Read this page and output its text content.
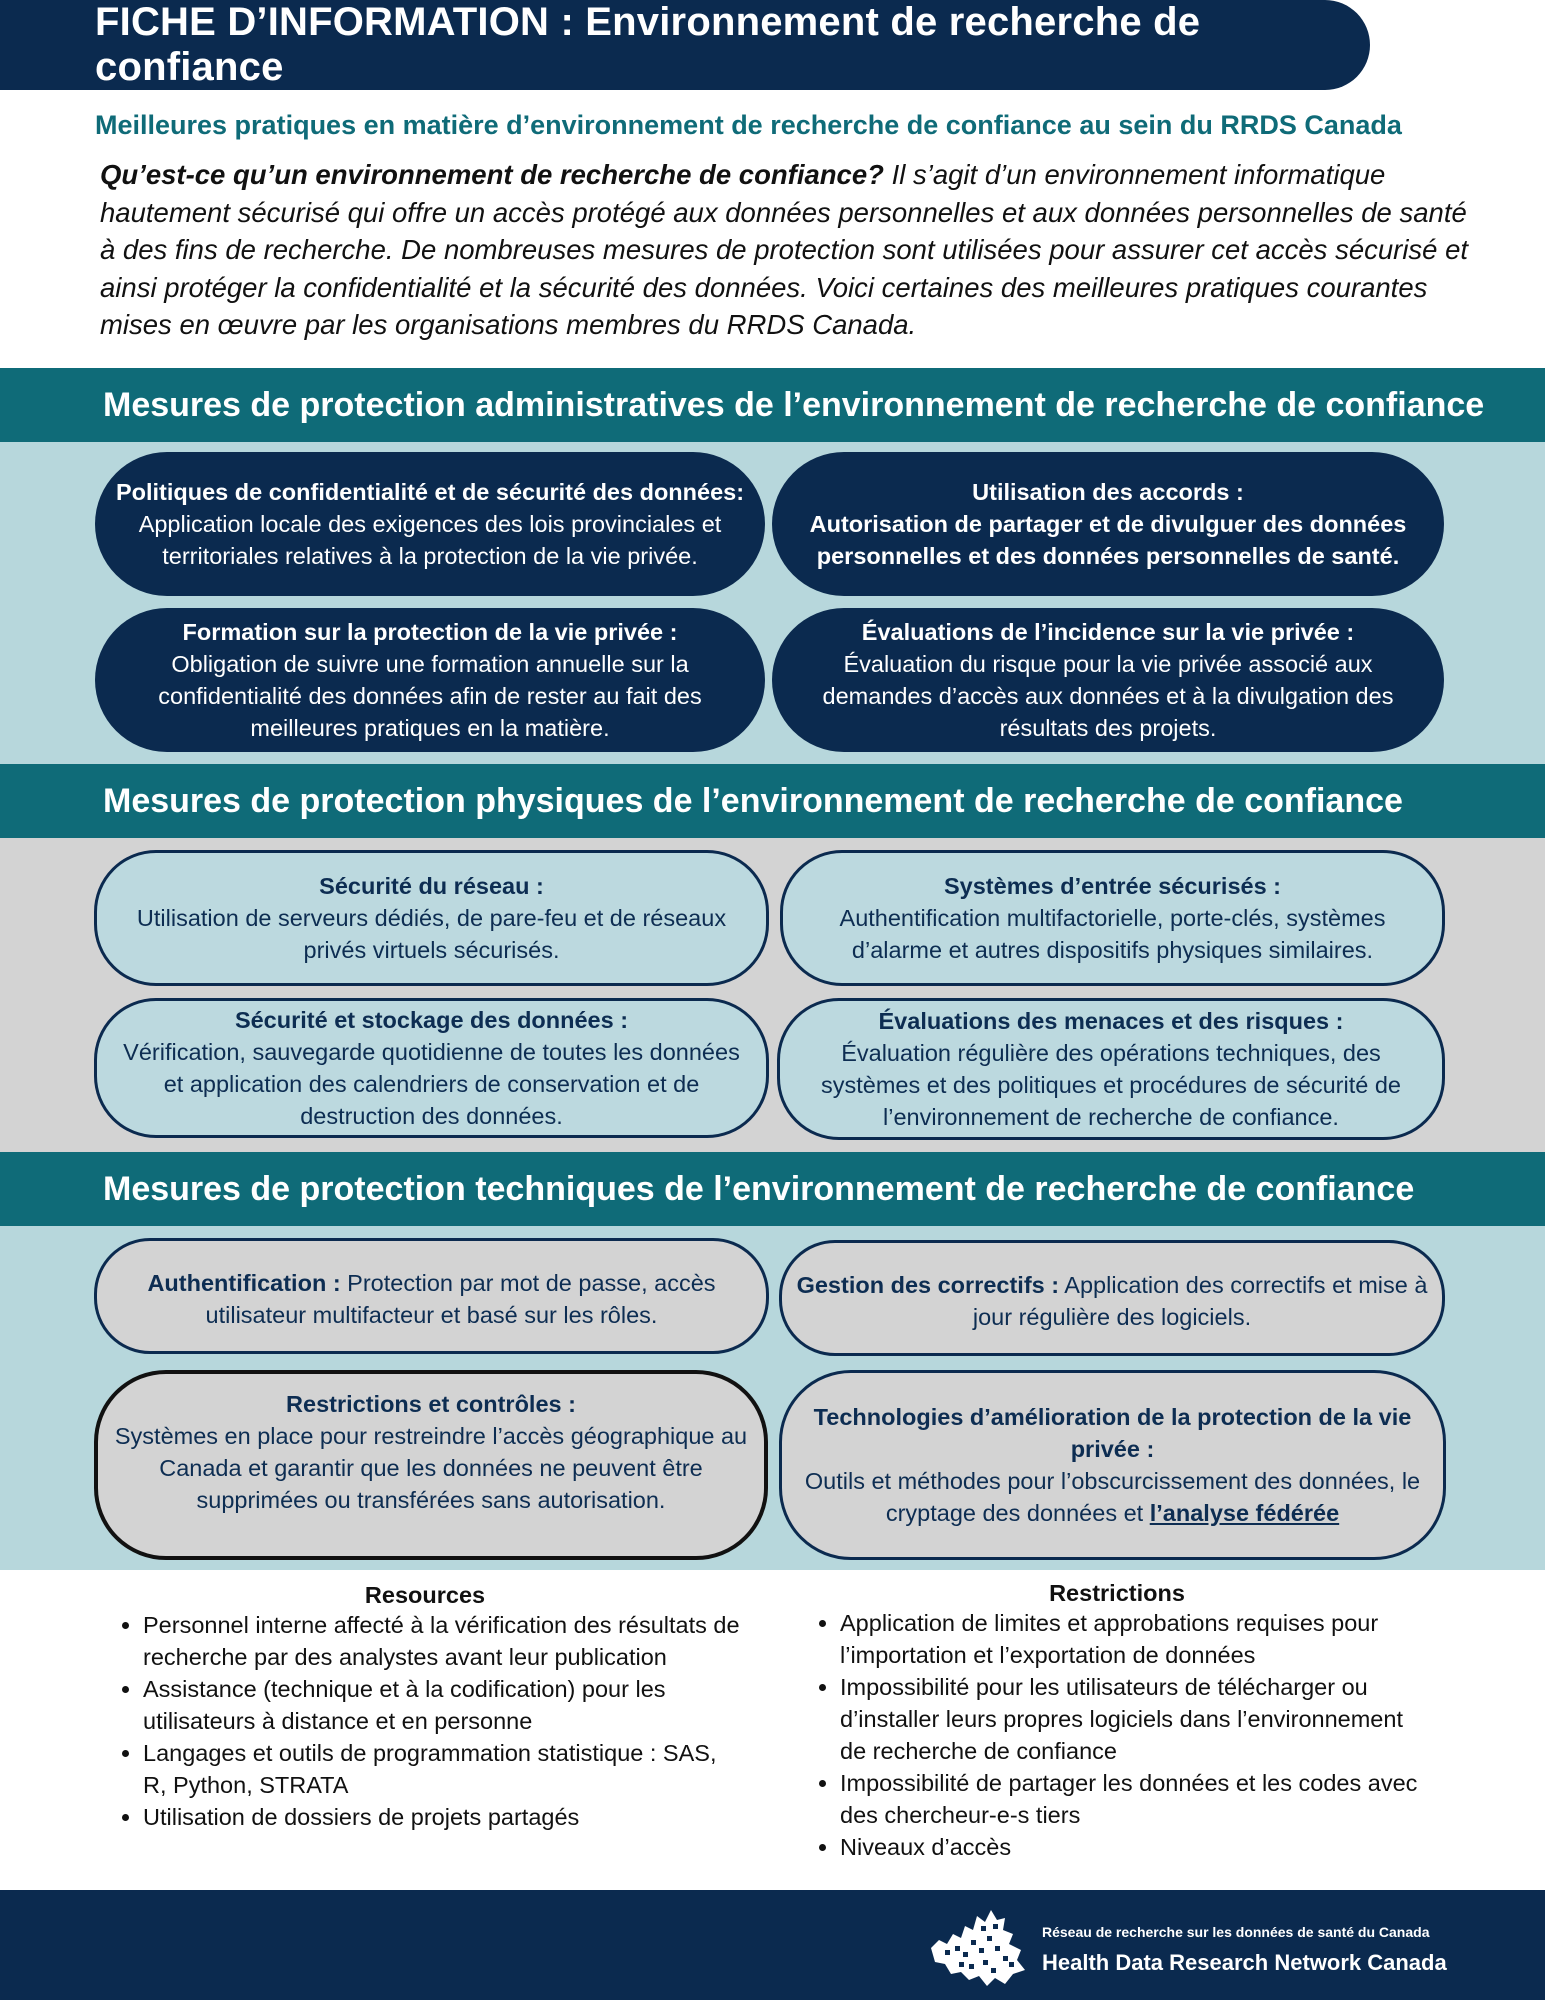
FICHE D’INFORMATION : Environnement de recherche de confiance
Meilleures pratiques en matière d’environnement de recherche de confiance au sein du RRDS Canada
Qu’est-ce qu’un environnement de recherche de confiance? Il s’agit d’un environnement informatique hautement sécurisé qui offre un accès protégé aux données personnelles et aux données personnelles de santé à des fins de recherche. De nombreuses mesures de protection sont utilisées pour assurer cet accès sécurisé et ainsi protéger la confidentialité et la sécurité des données. Voici certaines des meilleures pratiques courantes mises en œuvre par les organisations membres du RRDS Canada.
Mesures de protection administratives de l’environnement de recherche de confiance
Politiques de confidentialité et de sécurité des données:
Application locale des exigences des lois provinciales et territoriales relatives à la protection de la vie privée.
Utilisation des accords :
Autorisation de partager et de divulguer des données personnelles et des données personnelles de santé.
Formation sur la protection de la vie privée :
Obligation de suivre une formation annuelle sur la confidentialité des données afin de rester au fait des meilleures pratiques en la matière.
Évaluations de l’incidence sur la vie privée :
Évaluation du risque pour la vie privée associé aux demandes d’accès aux données et à la divulgation des résultats des projets.
Mesures de protection physiques de l’environnement de recherche de confiance
Sécurité du réseau :
Utilisation de serveurs dédiés, de pare-feu et de réseaux privés virtuels sécurisés.
Systèmes d’entrée sécurisés :
Authentification multifactorielle, porte-clés, systèmes d’alarme et autres dispositifs physiques similaires.
Sécurité et stockage des données :
Vérification, sauvegarde quotidienne de toutes les données et application des calendriers de conservation et de destruction des données.
Évaluations des menaces et des risques :
Évaluation régulière des opérations techniques, des systèmes et des politiques et procédures de sécurité de l’environnement de recherche de confiance.
Mesures de protection techniques de l’environnement de recherche de confiance
Authentification : Protection par mot de passe, accès utilisateur multifacteur et basé sur les rôles.
Gestion des correctifs : Application des correctifs et mise à jour régulière des logiciels.
Restrictions et contrôles :
Systèmes en place pour restreindre l’accès géographique au Canada et garantir que les données ne peuvent être supprimées ou transférées sans autorisation.
Technologies d’amélioration de la protection de la vie privée :
Outils et méthodes pour l’obscurcissement des données, le cryptage des données et l’analyse fédérée
Resources
• Personnel interne affecté à la vérification des résultats de recherche par des analystes avant leur publication
• Assistance (technique et à la codification) pour les utilisateurs à distance et en personne
• Langages et outils de programmation statistique : SAS, R, Python, STRATA
• Utilisation de dossiers de projets partagés
Restrictions
• Application de limites et approbations requises pour l’importation et l’exportation de données
• Impossibilité pour les utilisateurs de télécharger ou d’installer leurs propres logiciels dans l’environnement de recherche de confiance
• Impossibilité de partager les données et les codes avec des chercheur-e-s tiers
• Niveaux d’accès
Réseau de recherche sur les données de santé du Canada
Health Data Research Network Canada
